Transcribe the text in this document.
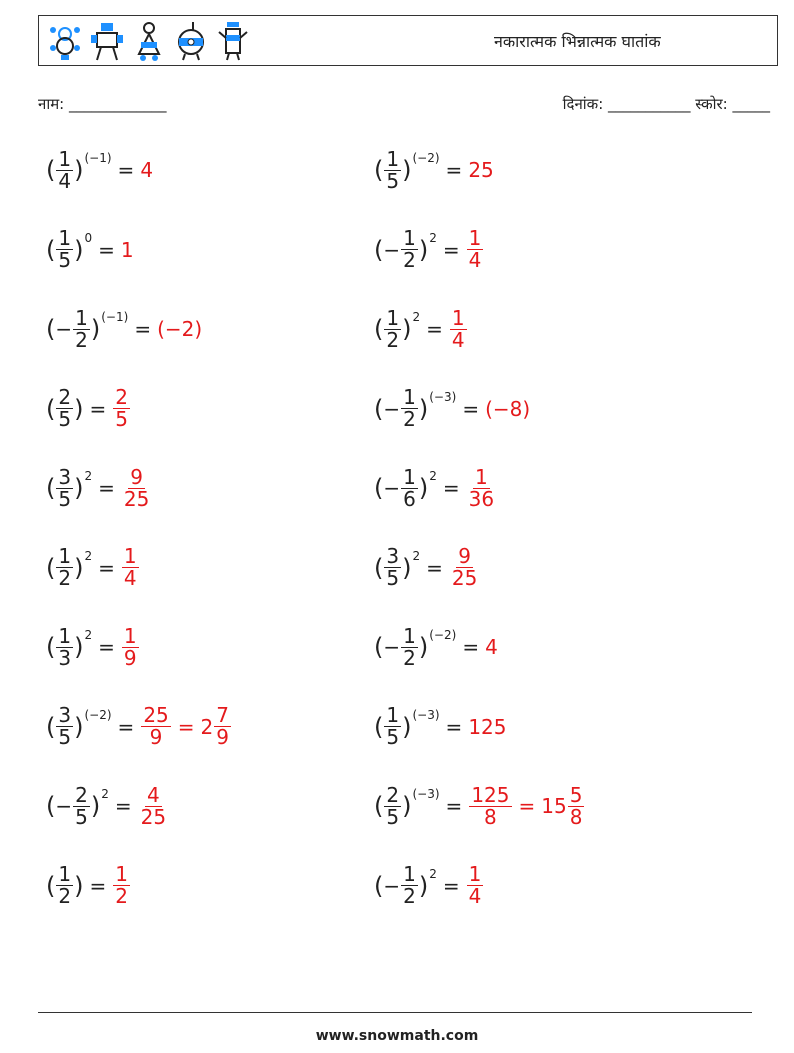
नकारात्मक भिन्नात्मक घातांक
नाम: _____________	दिनांक: ___________ स्कोर: _____
( $\frac{1}{4}$ ) (−1) = 4	( $\frac{1}{5}$ ) (−2) = 25
( $\frac{1}{5}$ ) 0 = 1	( − $\frac{1}{2}$ ) $2 = \frac{1}{4}$
( − $\frac{1}{2}$ ) (−1) = (−2)	( $\frac{1}{2}$ ) $2 = \frac{1}{4}$
( $\frac{2}{5}$ ) = $\frac{2}{5}$	( − $\frac{1}{2}$ ) (−3) = (−8)
( $\frac{3}{5}$ ) $2 = \frac{9}{25}$	( − $\frac{1}{6}$ ) $2 = \frac{1}{36}$
( $\frac{1}{2}$ ) $2 = \frac{1}{4}$	( $\frac{3}{5}$ ) $2 = \frac{9}{25}$
( $\frac{1}{3}$ ) $2 = \frac{1}{9}$	( − $\frac{1}{2}$ ) (−2) = 4
( $\frac{3}{5}$ ) $(-2) = \frac{25}{9} = 2 \frac{7}{9}$	( $\frac{1}{5}$ ) (−3) = 125
( − $\frac{2}{5}$ ) $2 = \frac{4}{25}$	( $\frac{2}{5}$ ) $(-3) = \frac{125}{8} = 15 \frac{5}{8}$
( $\frac{1}{2}$ ) = $\frac{1}{2}$	( − $\frac{1}{2}$ ) $2 = \frac{1}{4}$
www.snowmath.com
